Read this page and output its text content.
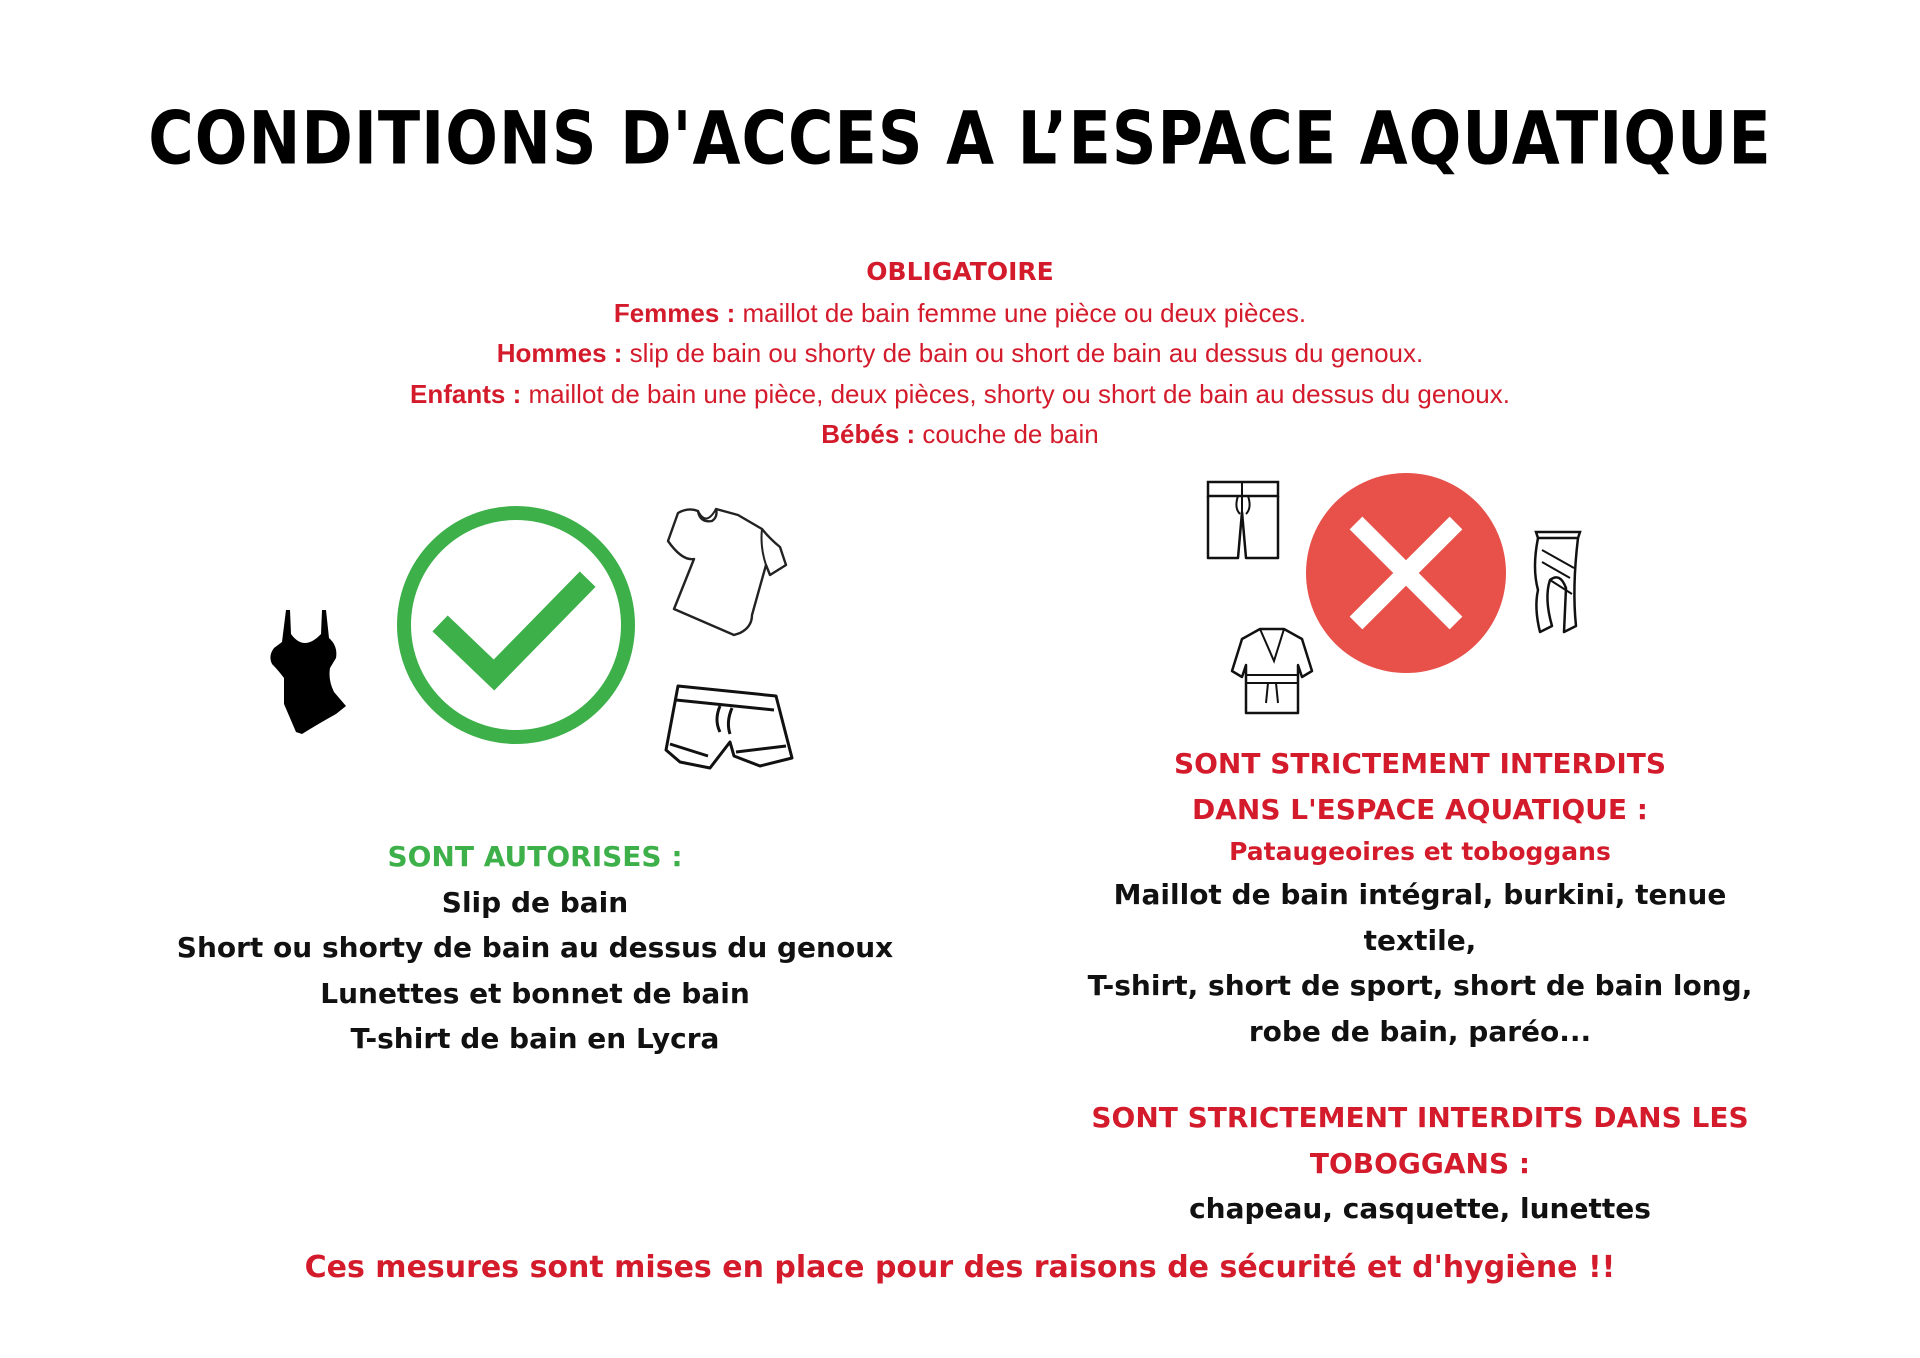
CONDITIONS D'ACCES A L’ESPACE AQUATIQUE
OBLIGATOIRE
Femmes : maillot de bain femme une pièce ou deux pièces.
Hommes : slip de bain ou shorty de bain ou short de bain au dessus du genoux.
Enfants : maillot de bain une pièce, deux pièces, shorty ou short de bain au dessus du genoux.
Bébés : couche de bain
SONT AUTORISES :
Slip de bain
Short ou shorty de bain au dessus du genoux
Lunettes et bonnet de bain
T-shirt de bain en Lycra
SONT STRICTEMENT INTERDITS
DANS L'ESPACE AQUATIQUE :
Pataugeoires et toboggans
Maillot de bain intégral, burkini, tenue
textile,
T-shirt, short de sport, short de bain long,
robe de bain, paréo...
SONT STRICTEMENT INTERDITS DANS LES
TOBOGGANS :
chapeau, casquette, lunettes
Ces mesures sont mises en place pour des raisons de sécurité et d'hygiène !!
